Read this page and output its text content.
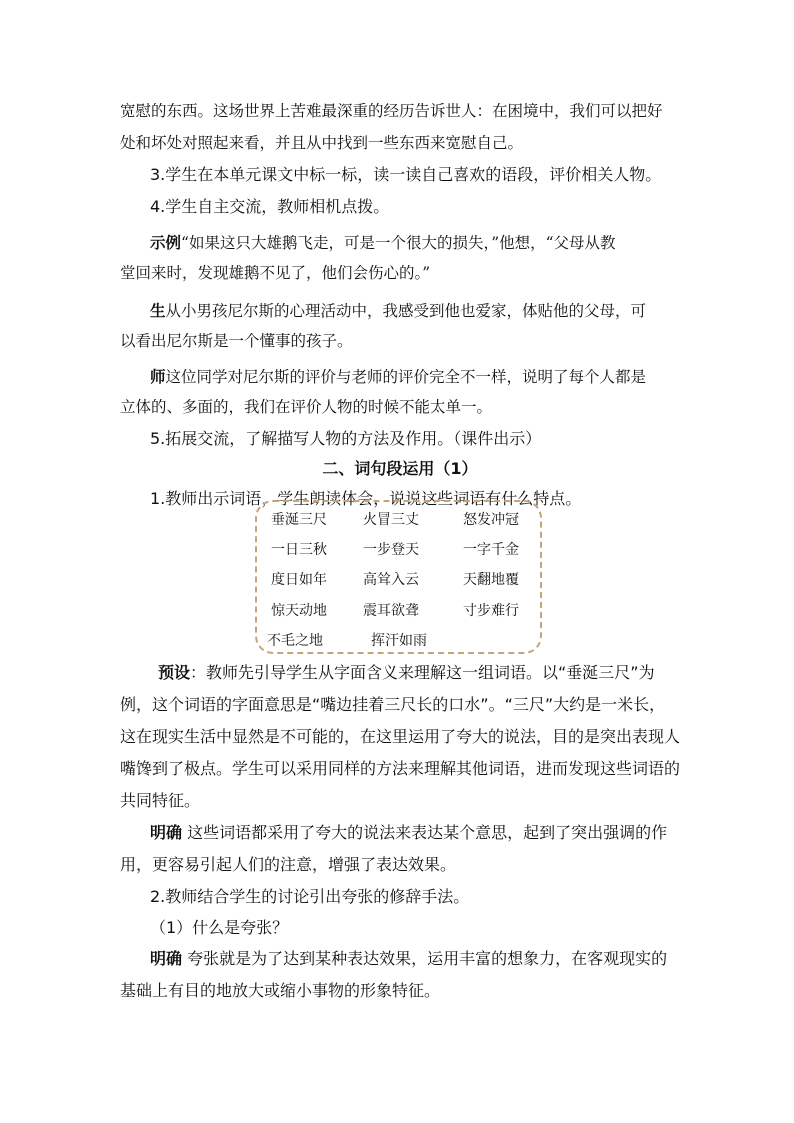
宽慰的东西。这场世界上苦难最深重的经历告诉世人：在困境中，我们可以把好
处和坏处对照起来看，并且从中找到一些东西来宽慰自己。
3.学生在本单元课文中标一标，读一读自己喜欢的语段，评价相关人物。
4.学生自主交流，教师相机点拨。
示例“如果这只大雄鹅飞走，可是一个很大的损失，”他想，“父母从教
堂回来时，发现雄鹅不见了，他们会伤心的。”
生从小男孩尼尔斯的心理活动中，我感受到他也爱家，体贴他的父母，可
以看出尼尔斯是一个懂事的孩子。
师这位同学对尼尔斯的评价与老师的评价完全不一样，说明了每个人都是
立体的、多面的，我们在评价人物的时候不能太单一。
5.拓展交流，了解描写人物的方法及作用。（课件出示）
二、词句段运用（1）
1.教师出示词语，学生朗读体会，说说这些词语有什么特点。
垂涎三尺	火冒三丈	怒发冲冠
一日三秋	一步登天	一字千金
度日如年	高耸入云	天翻地覆
惊天动地	震耳欲聋	寸步难行
不毛之地	挥汗如雨
预设：教师先引导学生从字面含义来理解这一组词语。以“垂涎三尺”为
例，这个词语的字面意思是“嘴边挂着三尺长的口水”。“三尺”大约是一米长，
这在现实生活中显然是不可能的，在这里运用了夸大的说法，目的是突出表现人
嘴馋到了极点。学生可以采用同样的方法来理解其他词语，进而发现这些词语的
共同特征。
明确 这些词语都采用了夸大的说法来表达某个意思，起到了突出强调的作
用，更容易引起人们的注意，增强了表达效果。
2.教师结合学生的讨论引出夸张的修辞手法。
（1）什么是夸张？
明确 夸张就是为了达到某种表达效果，运用丰富的想象力，在客观现实的
基础上有目的地放大或缩小事物的形象特征。
